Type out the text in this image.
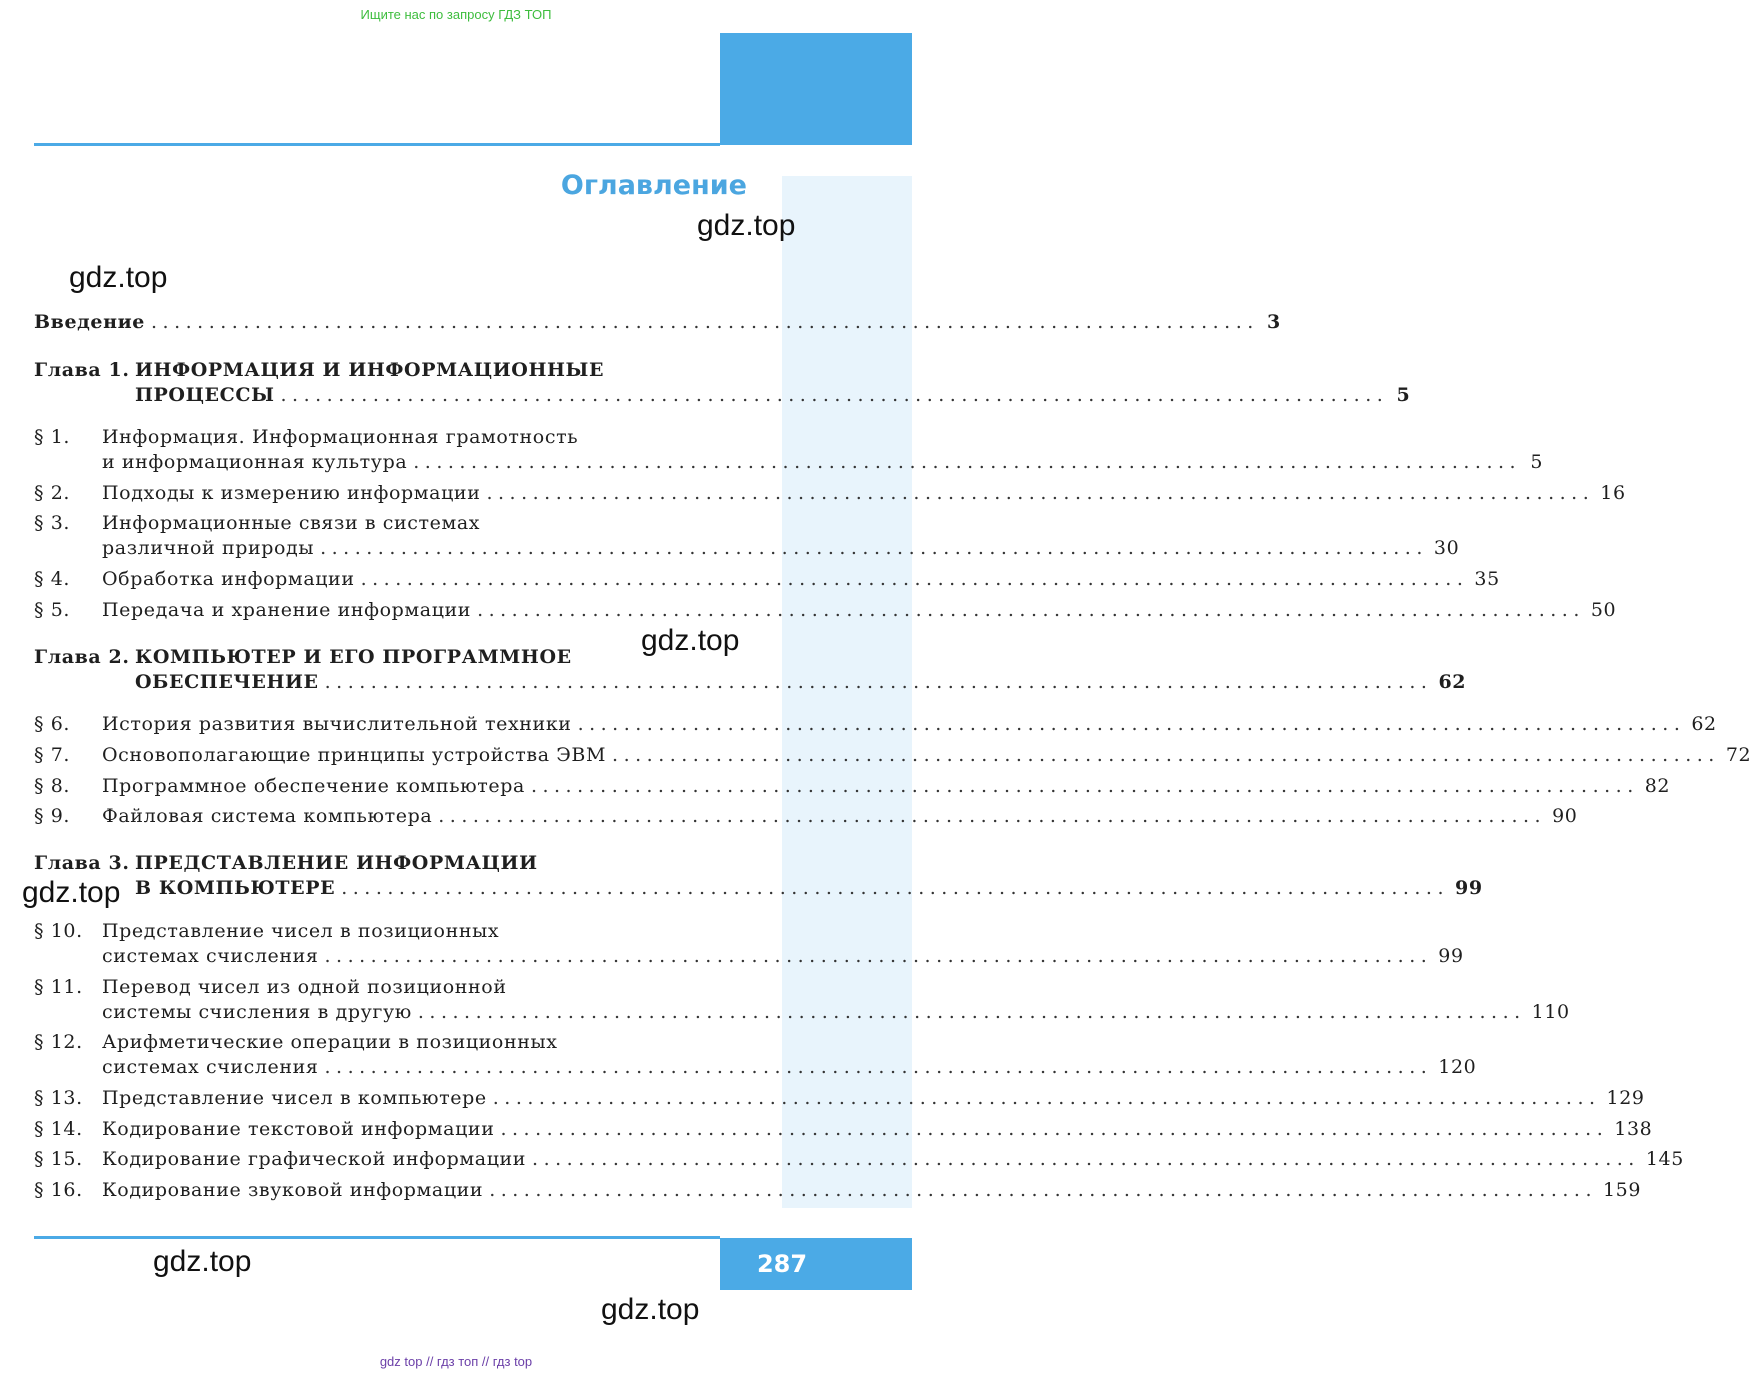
Ищите нас по запросу ГДЗ ТОП
Оглавление
gdz.top
gdz.top
gdz.top
gdz.top
gdz.top
gdz.top
Введение ................................................................................................ 3
Глава 1. ИНФОРМАЦИЯ И ИНФОРМАЦИОННЫЕ
ПРОЦЕССЫ ................................................................................................ 5
§ 1.	Информация. Информационная грамотность
и информационная культура ................................................................................................ 5
§ 2.	Подходы к измерению информации ................................................................................................ 16
§ 3.	Информационные связи в системах
различной природы ................................................................................................ 30
§ 4.	Обработка информации ................................................................................................ 35
§ 5.	Передача и хранение информации ................................................................................................ 50
Глава 2. КОМПЬЮТЕР И ЕГО ПРОГРАММНОЕ
ОБЕСПЕЧЕНИЕ ................................................................................................ 62
§ 6.	История развития вычислительной техники ................................................................................................ 62
§ 7.	Основополагающие принципы устройства ЭВМ ................................................................................................ 72
§ 8.	Программное обеспечение компьютера ................................................................................................ 82
§ 9.	Файловая система компьютера ................................................................................................ 90
Глава 3. ПРЕДСТАВЛЕНИЕ ИНФОРМАЦИИ
В КОМПЬЮТЕРЕ ................................................................................................ 99
§ 10.	Представление чисел в позиционных
системах счисления ................................................................................................ 99
§ 11.	Перевод чисел из одной позиционной
системы счисления в другую ................................................................................................ 110
§ 12.	Арифметические операции в позиционных
системах счисления ................................................................................................ 120
§ 13.	Представление чисел в компьютере ................................................................................................ 129
§ 14.	Кодирование текстовой информации ................................................................................................ 138
§ 15.	Кодирование графической информации ................................................................................................ 145
§ 16.	Кодирование звуковой информации ................................................................................................ 159
287
gdz top // гдз топ // гдз top
